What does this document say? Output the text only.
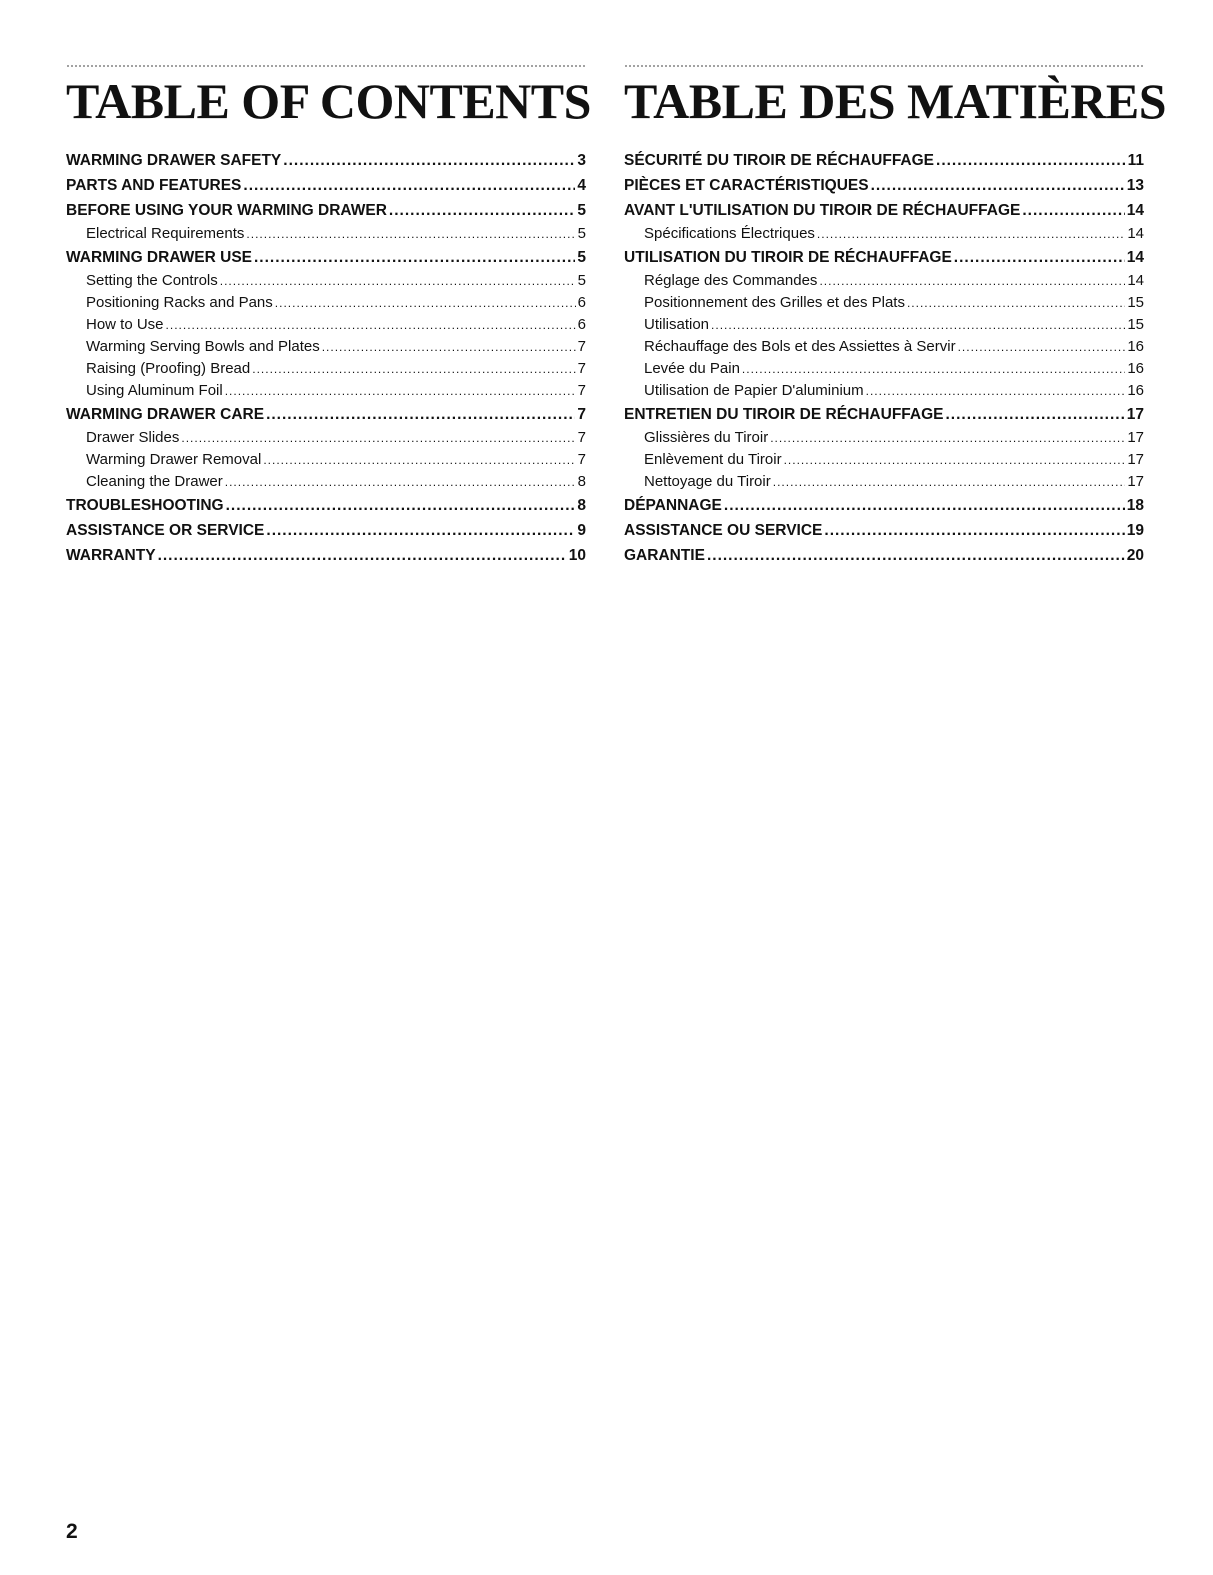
TABLE OF CONTENTS
WARMING DRAWER SAFETY .....	3
PARTS AND FEATURES .....	4
BEFORE USING YOUR WARMING DRAWER .....	5
Electrical Requirements .....	5
WARMING DRAWER USE .....	5
Setting the Controls .....	5
Positioning Racks and Pans .....	6
How to Use .....	6
Warming Serving Bowls and Plates .....	7
Raising (Proofing) Bread .....	7
Using Aluminum Foil .....	7
WARMING DRAWER CARE .....	7
Drawer Slides .....	7
Warming Drawer Removal .....	7
Cleaning the Drawer .....	8
TROUBLESHOOTING .....	8
ASSISTANCE OR SERVICE .....	9
WARRANTY .....	10
TABLE DES MATIÈRES
SÉCURITÉ DU TIROIR DE RÉCHAUFFAGE .....	11
PIÈCES ET CARACTÉRISTIQUES .....	13
AVANT L'UTILISATION DU TIROIR DE RÉCHAUFFAGE .....	14
Spécifications Électriques .....	14
UTILISATION DU TIROIR DE RÉCHAUFFAGE .....	14
Réglage des Commandes .....	14
Positionnement des Grilles et des Plats .....	15
Utilisation .....	15
Réchauffage des Bols et des Assiettes à Servir .....	16
Levée du Pain .....	16
Utilisation de Papier D'aluminium .....	16
ENTRETIEN DU TIROIR DE RÉCHAUFFAGE .....	17
Glissières du Tiroir .....	17
Enlèvement du Tiroir .....	17
Nettoyage du Tiroir .....	17
DÉPANNAGE .....	18
ASSISTANCE OU SERVICE .....	19
GARANTIE .....	20
2
